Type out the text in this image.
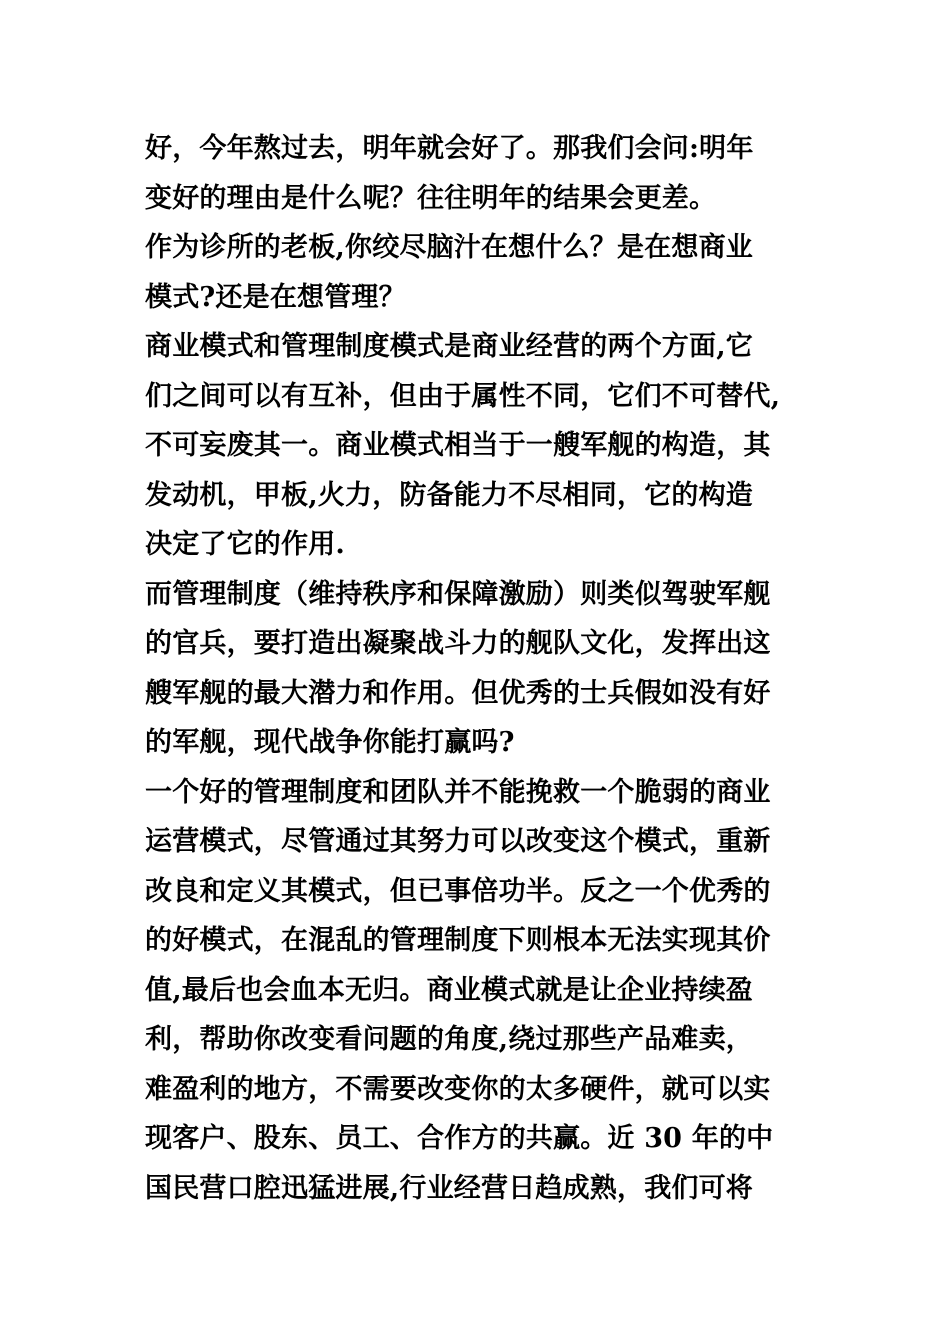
好，今年熬过去，明年就会好了。那我们会问:明年
变好的理由是什么呢？往往明年的结果会更差。
作为诊所的老板,你绞尽脑汁在想什么？是在想商业
模式?还是在想管理？
商业模式和管理制度模式是商业经营的两个方面,它
们之间可以有互补，但由于属性不同，它们不可替代,
不可妄废其一。商业模式相当于一艘军舰的构造，其
发动机，甲板,火力，防备能力不尽相同，它的构造
决定了它的作用.
而管理制度（维持秩序和保障激励）则类似驾驶军舰
的官兵，要打造出凝聚战斗力的舰队文化，发挥出这
艘军舰的最大潜力和作用。但优秀的士兵假如没有好
的军舰，现代战争你能打赢吗?
一个好的管理制度和团队并不能挽救一个脆弱的商业
运营模式，尽管通过其努力可以改变这个模式，重新
改良和定义其模式，但已事倍功半。反之一个优秀的
的好模式，在混乱的管理制度下则根本无法实现其价
值,最后也会血本无归。商业模式就是让企业持续盈
利，帮助你改变看问题的角度,绕过那些产品难卖，
难盈利的地方，不需要改变你的太多硬件，就可以实
现客户、股东、员工、合作方的共赢。近 30 年的中
国民营口腔迅猛进展,行业经营日趋成熟，我们可将
